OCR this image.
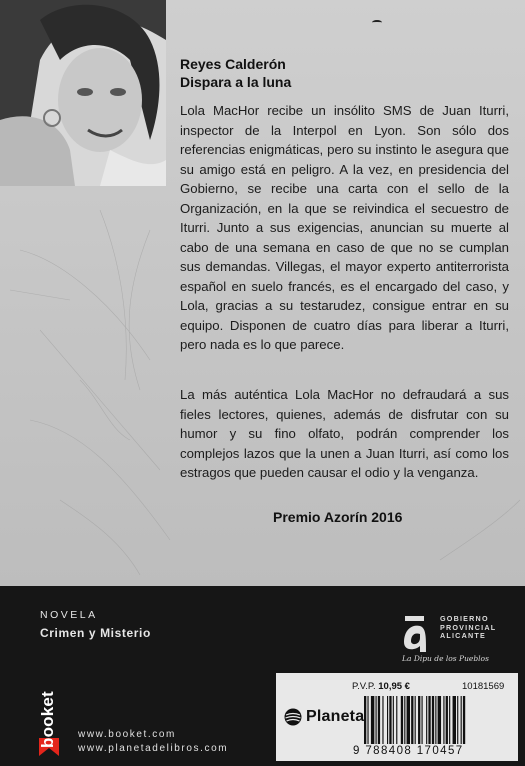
Reyes Calderón

Dispara a la luna

Lola MacHor recibe un insólito SMS de Juan Iturri, inspector de la Interpol en Lyon. Son sólo dos referencias enigmáticas, pero su instinto le asegura que su amigo está en peligro. A la vez, en presidencia del Gobierno, se recibe una carta con el sello de la Organización, en la que se reivindica el secuestro de Iturri. Junto a sus exigencias, anuncian su muerte al cabo de una semana en caso de que no se cumplan sus demandas. Villegas, el mayor experto antiterrorista español en suelo francés, es el encargado del caso, y Lola, gracias a su testarudez, consigue entrar en su equipo. Disponen de cuatro días para liberar a Iturri, pero nada es lo que parece.

La más auténtica Lola MacHor no defraudará a sus fieles lectores, quienes, además de disfrutar con su humor y su fino olfato, podrán comprender los complejos lazos que la unen a Juan Iturri, así como los estragos que pueden causar el odio y la venganza.

Premio Azorín 2016

NOVELA

Crimen y Misterio

booket www.booket.com

www.planetadelibros.com

GOBIERNO
PROVINCIAL
ALICANTE
La Dipu de los Pueblos
Planeta
P.V.P. 10,95 €	10181569

9 788408 170457
